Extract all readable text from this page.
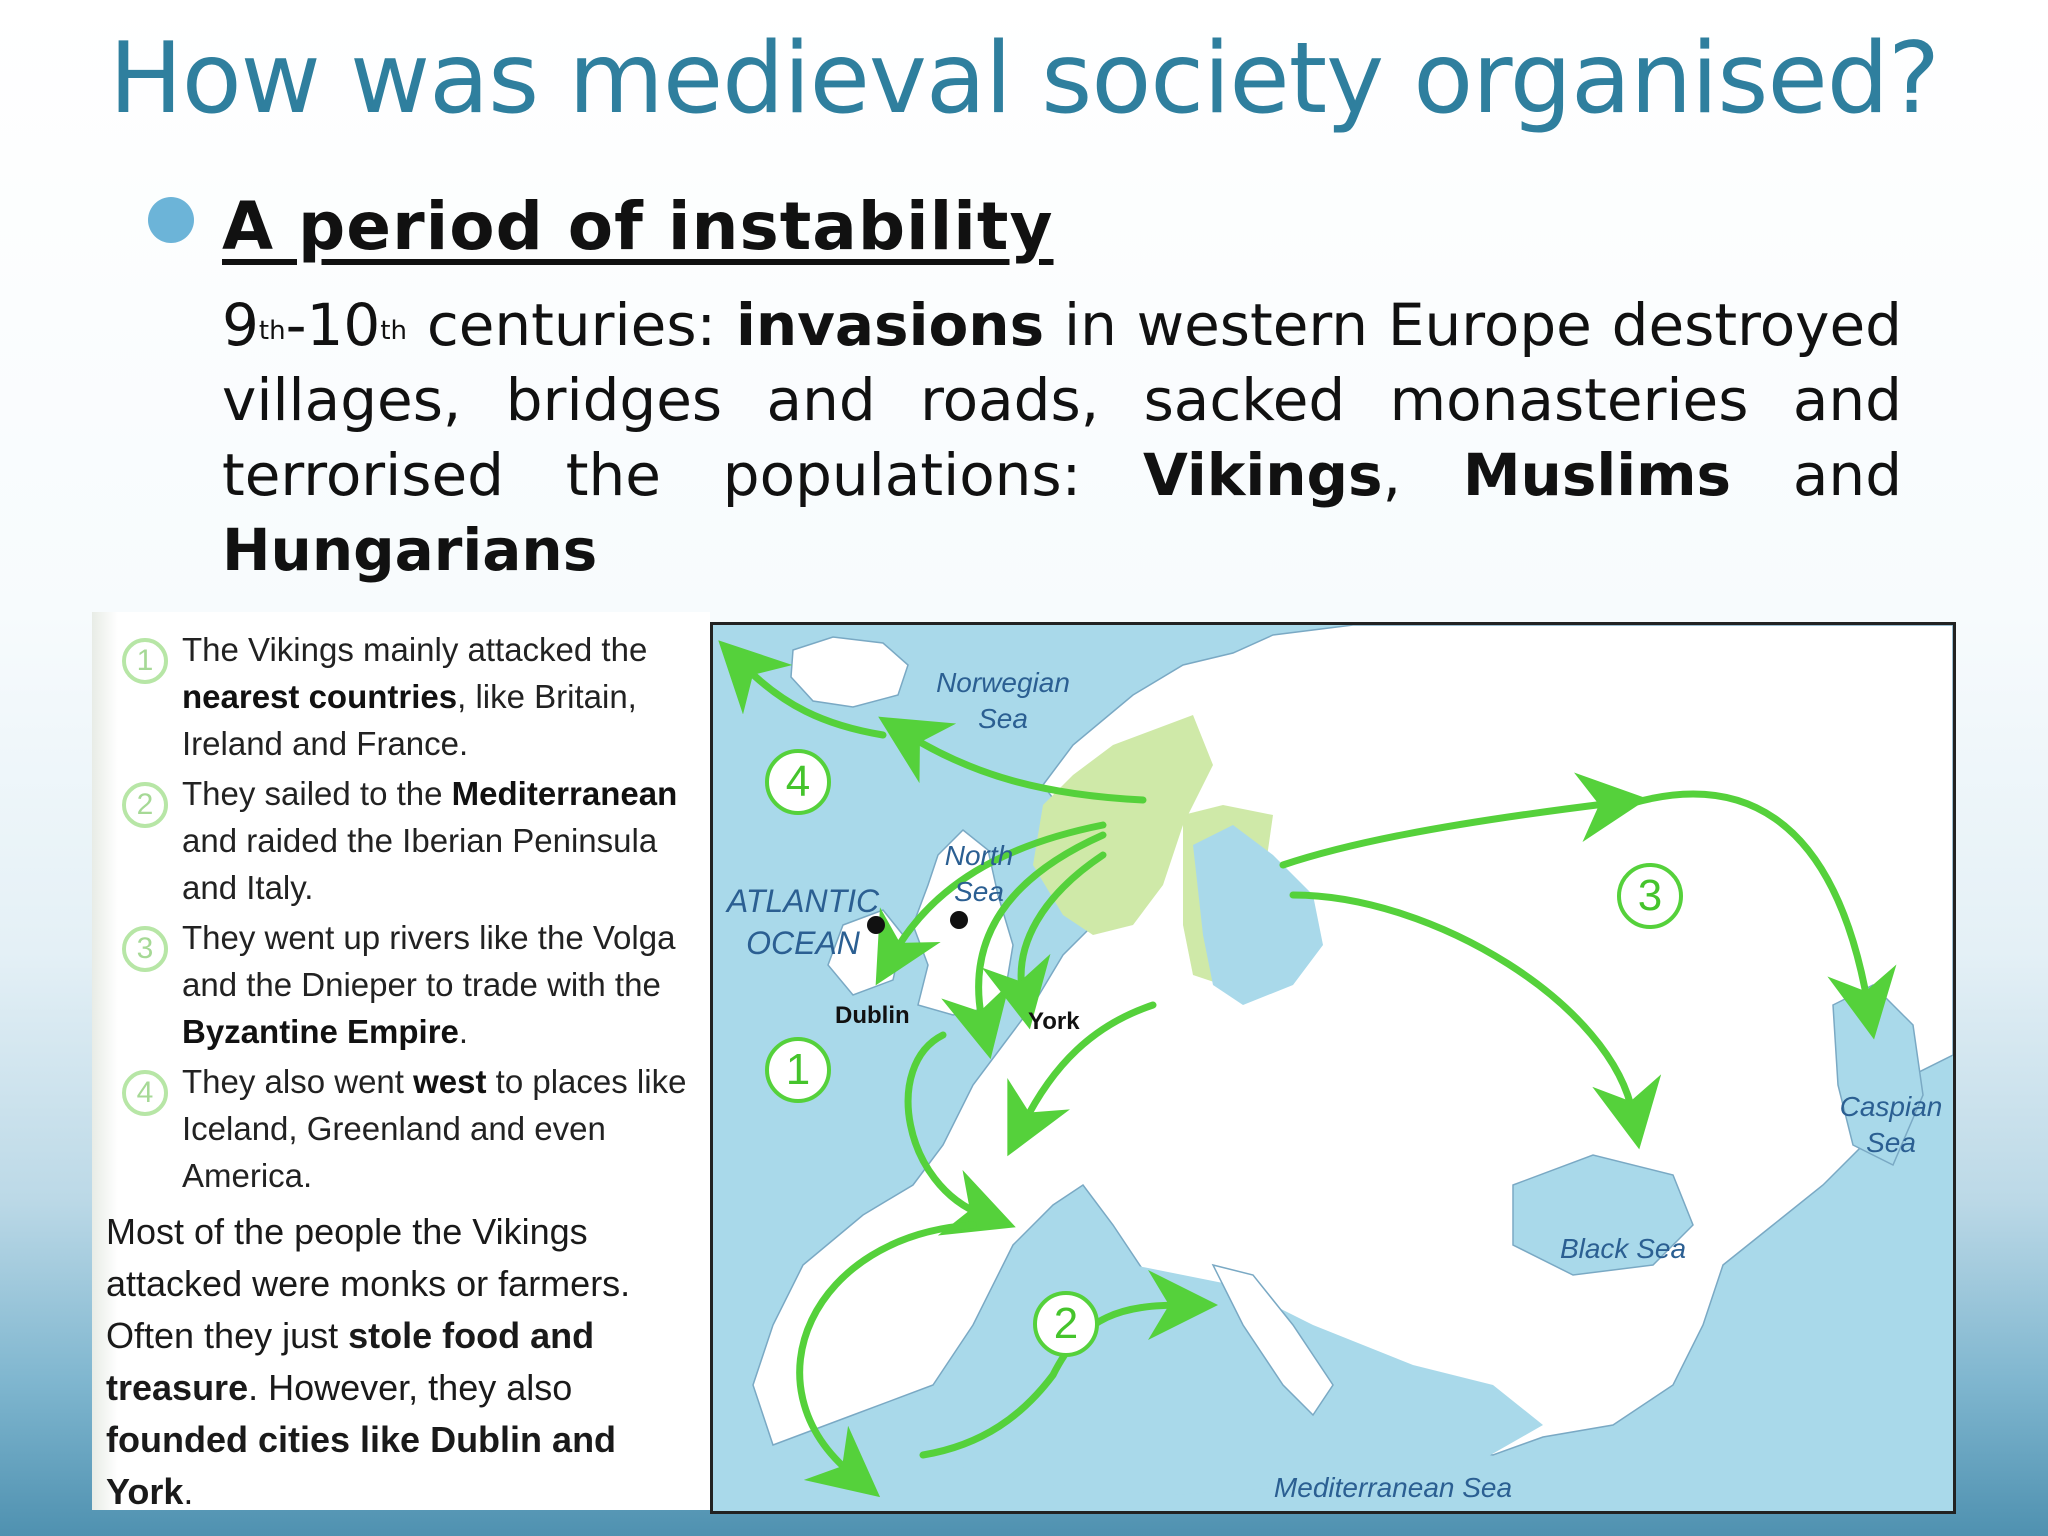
How was medieval society organised?
A period of instability
9th-10th centuries: invasions in western Europe destroyed villages, bridges and roads, sacked monasteries and terrorised the populations: Vikings, Muslims and Hungarians
1 The Vikings mainly attacked the nearest countries, like Britain, Ireland and France.
2 They sailed to the Mediterranean and raided the Iberian Peninsula and Italy.
3 They went up rivers like the Volga and the Dnieper to trade with the Byzantine Empire.
4 They also went west to places like Iceland, Greenland and even America.
Most of the people the Vikings attacked were monks or farmers. Often they just stole food and treasure. However, they also founded cities like Dublin and York.
Norwegian
Sea
North
Sea
ATLANTIC
OCEAN
Caspian
Sea
Black Sea
Mediterranean Sea
Dublin	York
4
3
1
2
